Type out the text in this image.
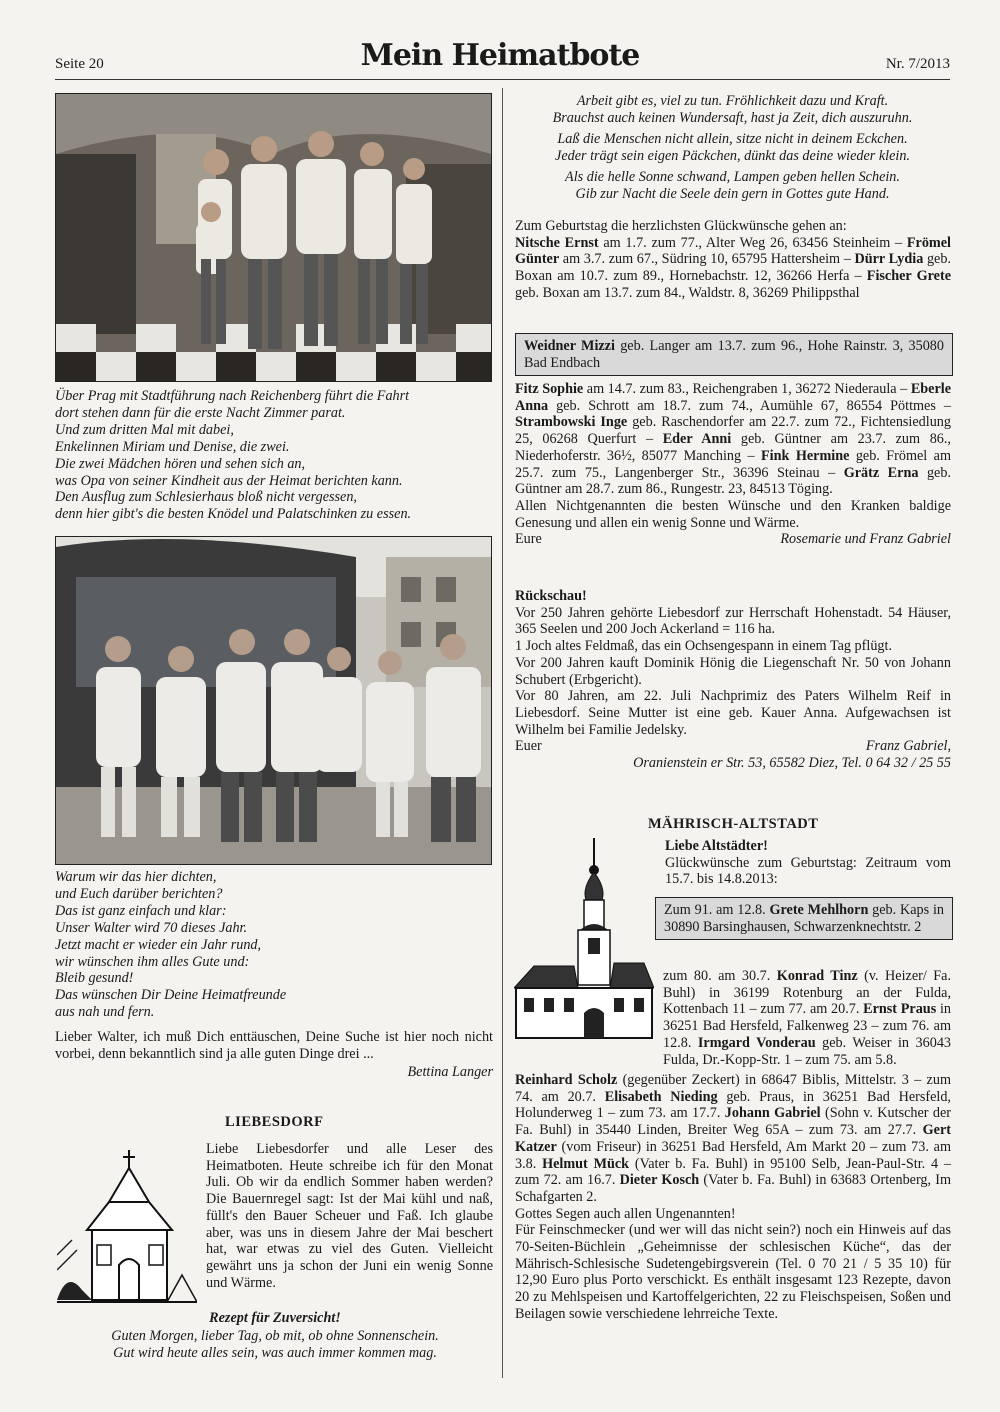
Seite 20	Mein Heimatbote	Nr. 7/2013

Über Prag mit Stadtführung nach Reichenberg führt die Fahrt

dort stehen dann für die erste Nacht Zimmer parat.

Und zum dritten Mal mit dabei,

Enkelinnen Miriam und Denise, die zwei.

Die zwei Mädchen hören und sehen sich an,

was Opa von seiner Kindheit aus der Heimat berichten kann.

Den Ausflug zum Schlesierhaus bloß nicht vergessen,

denn hier gibt's die besten Knödel und Palatschinken zu essen.

Warum wir das hier dichten,

und Euch darüber berichten?

Das ist ganz einfach und klar:

Unser Walter wird 70 dieses Jahr.

Jetzt macht er wieder ein Jahr rund,

wir wünschen ihm alles Gute und:

Bleib gesund!

Das wünschen Dir Deine Heimatfreunde

aus nah und fern.

Lieber Walter, ich muß Dich enttäuschen, Deine Suche ist hier noch nicht vorbei, denn bekanntlich sind ja alle guten Dinge drei ...
Bettina Langer
LIEBESDORF
Liebe Liebesdorfer und alle Leser des Heimatboten. Heute schreibe ich für den Monat Juli. Ob wir da endlich Sommer haben werden? Die Bauernregel sagt: Ist der Mai kühl und naß, füllt's den Bauer Scheuer und Faß. Ich glaube aber, was uns in diesem Jahre der Mai beschert hat, war etwas zu viel des Guten. Vielleicht gewährt uns ja schon der Juni ein wenig Sonne und Wärme.
Rezept für Zuversicht!

Guten Morgen, lieber Tag, ob mit, ob ohne Sonnenschein.

Gut wird heute alles sein, was auch immer kommen mag.

Arbeit gibt es, viel zu tun. Fröhlichkeit dazu und Kraft.

Brauchst auch keinen Wundersaft, hast ja Zeit, dich auszuruhn.

Laß die Menschen nicht allein, sitze nicht in deinem Eckchen.

Jeder trägt sein eigen Päckchen, dünkt das deine wieder klein.

Als die helle Sonne schwand, Lampen geben hellen Schein.

Gib zur Nacht die Seele dein gern in Gottes gute Hand.

Zum Geburtstag die herzlichsten Glückwünsche gehen an:

Nitsche Ernst am 1.7. zum 77., Alter Weg 26, 63456 Steinheim – Frömel Günter am 3.7. zum 67., Südring 10, 65795 Hattersheim – Dürr Lydia geb. Boxan am 10.7. zum 89., Hornebachstr. 12, 36266 Herfa – Fischer Grete geb. Boxan am 13.7. zum 84., Waldstr. 8, 36269 Philippsthal

Weidner Mizzi geb. Langer am 13.7. zum 96., Hohe Rainstr. 3, 35080 Bad Endbach

Fitz Sophie am 14.7. zum 83., Reichengraben 1, 36272 Niederaula – Eberle Anna geb. Schrott am 18.7. zum 74., Aumühle 67, 86554 Pöttmes – Strambowski Inge geb. Raschendorfer am 22.7. zum 72., Fichtensiedlung 25, 06268 Querfurt – Eder Anni geb. Güntner am 23.7. zum 86., Niederhoferstr. 36½, 85077 Manching – Fink Hermine geb. Frömel am 25.7. zum 75., Langenberger Str., 36396 Steinau – Grätz Erna geb. Güntner am 28.7. zum 86., Rungestr. 23, 84513 Töging.

Allen Nichtgenannten die besten Wünsche und den Kranken baldige Genesung und allen ein wenig Sonne und Wärme.

Eure	Rosemarie und Franz Gabriel

Rückschau!

Vor 250 Jahren gehörte Liebesdorf zur Herrschaft Hohenstadt. 54 Häuser, 365 Seelen und 200 Joch Ackerland = 116 ha.

1 Joch altes Feldmaß, das ein Ochsengespann in einem Tag pflügt.

Vor 200 Jahren kauft Dominik Hönig die Liegenschaft Nr. 50 von Johann Schubert (Erbgericht).

Vor 80 Jahren, am 22. Juli Nachprimiz des Paters Wilhelm Reif in Liebesdorf. Seine Mutter ist eine geb. Kauer Anna. Aufgewachsen ist Wilhelm bei Familie Jedelsky.

Euer	Franz Gabriel,

Oranienstein er Str. 53, 65582 Diez, Tel. 0 64 32 / 25 55

MÄHRISCH-ALTSTADT

Liebe Altstädter!

Glückwünsche zum Geburtstag: Zeitraum vom 15.7. bis 14.8.2013:

Zum 91. am 12.8. Grete Mehlhorn geb. Kaps in 30890 Barsinghausen, Schwarzenknechtstr. 2
zum 80. am 30.7. Konrad Tinz (v. Heizer/ Fa. Buhl) in 36199 Rotenburg an der Fulda, Kottenbach 11 – zum 77. am 20.7. Ernst Praus in 36251 Bad Hersfeld, Falkenweg 23 – zum 76. am 12.8. Irmgard Vonderau geb. Weiser in 36043 Fulda, Dr.-Kopp-Str. 1 – zum 75. am 5.8.
Reinhard Scholz (gegenüber Zeckert) in 68647 Biblis, Mittelstr. 3 – zum 74. am 20.7. Elisabeth Nieding geb. Praus, in 36251 Bad Hersfeld, Holunderweg 1 – zum 73. am 17.7. Johann Gabriel (Sohn v. Kutscher der Fa. Buhl) in 35440 Linden, Breiter Weg 65A – zum 73. am 27.7. Gert Katzer (vom Friseur) in 36251 Bad Hersfeld, Am Markt 20 – zum 73. am 3.8. Helmut Mück (Vater b. Fa. Buhl) in 95100 Selb, Jean-Paul-Str. 4 – zum 72. am 16.7. Dieter Kosch (Vater b. Fa. Buhl) in 63683 Ortenberg, Im Schafgarten 2.

Gottes Segen auch allen Ungenannten!

Für Feinschmecker (und wer will das nicht sein?) noch ein Hinweis auf das 70-Seiten-Büchlein „Geheimnisse der schlesischen Küche“, das der Mährisch-Schlesische Sudetengebirgsverein (Tel. 0 70 21 / 5 35 10) für 12,90 Euro plus Porto verschickt. Es enthält insgesamt 123 Rezepte, davon 20 zu Mehlspeisen und Kartoffelgerichten, 22 zu Fleischspeisen, Soßen und Beilagen sowie verschiedene lehrreiche Texte.
